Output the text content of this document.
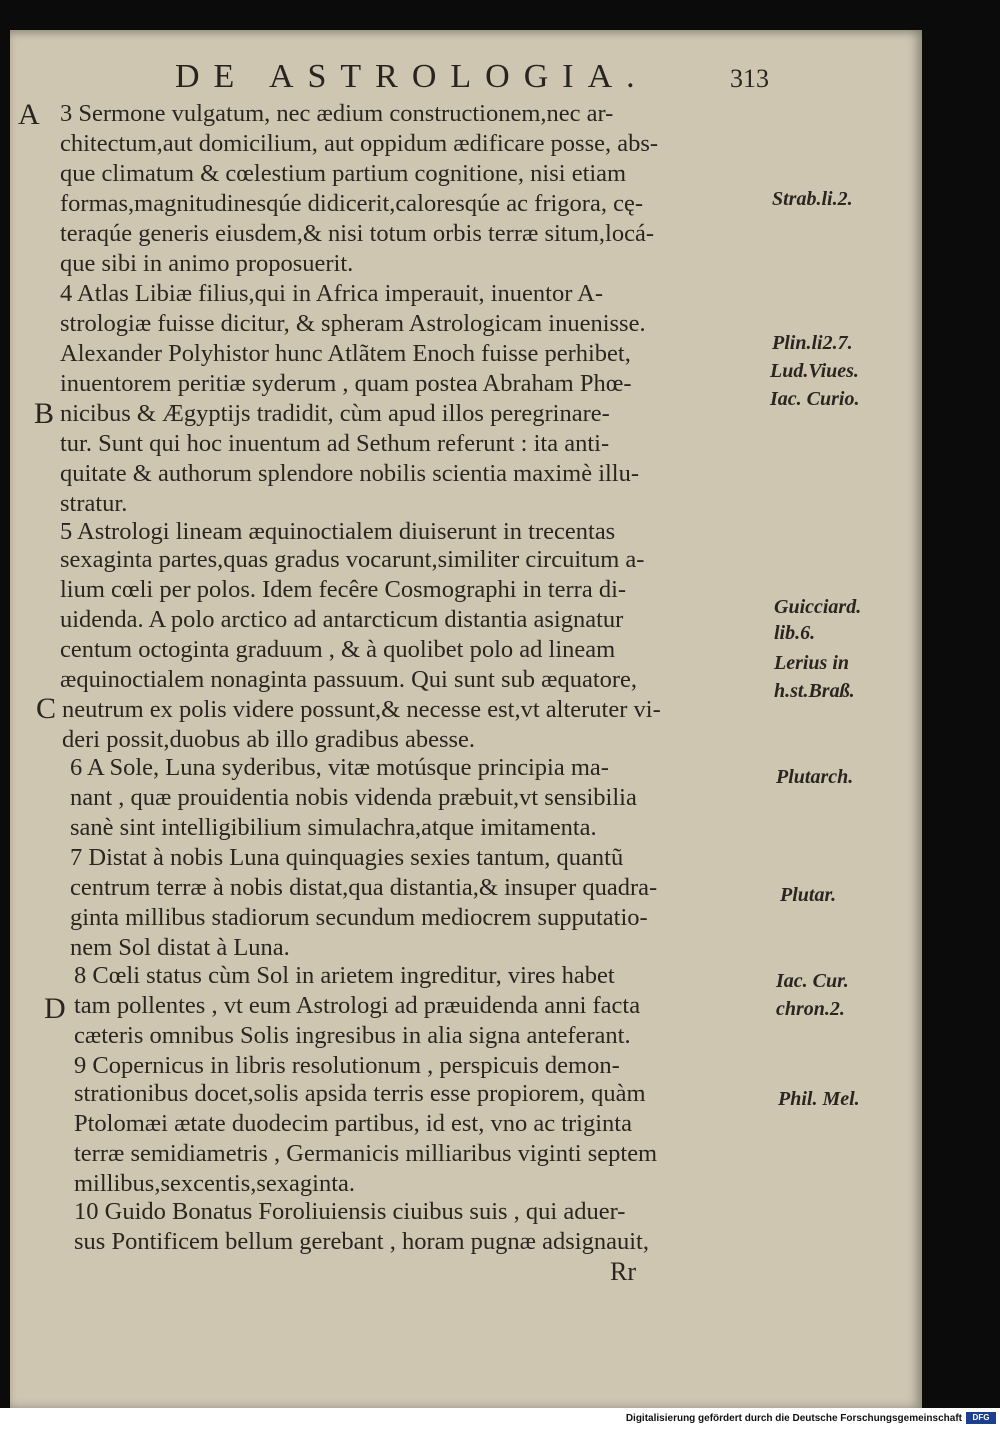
DE ASTROLOGIA.	313
A
B
C
D
3 Sermone vulgatum, nec ædium constructionem,nec ar-
chitectum,aut domicilium, aut oppidum ædificare posse, abs-
que climatum & cœlestium partium cognitione, nisi etiam
formas,magnitudinesqúe didicerit,caloresqúe ac frigora, cę-
teraqúe generis eiusdem,& nisi totum orbis terræ situm,locá-
que sibi in animo proposuerit.
4 Atlas Libiæ filius,qui in Africa imperauit, inuentor A-
strologiæ fuisse dicitur, & spheram Astrologicam inuenisse.
Alexander Polyhistor hunc Atlãtem Enoch fuisse perhibet,
inuentorem peritiæ syderum , quam postea Abraham Phœ-
nicibus & Ægyptijs tradidit, cùm apud illos peregrinare-
tur. Sunt qui hoc inuentum ad Sethum referunt : ita anti-
quitate & authorum splendore nobilis scientia maximè illu-
stratur.
5 Astrologi lineam æquinoctialem diuiserunt in trecentas
sexaginta partes,quas gradus vocarunt,similiter circuitum a-
lium cœli per polos. Idem fecêre Cosmographi in terra di-
uidenda. A polo arctico ad antarcticum distantia asignatur
centum octoginta graduum , & à quolibet polo ad lineam
æquinoctialem nonaginta passuum. Qui sunt sub æquatore,
neutrum ex polis videre possunt,& necesse est,vt alteruter vi-
deri possit,duobus ab illo gradibus abesse.
6 A Sole, Luna syderibus, vitæ motúsque principia ma-
nant , quæ prouidentia nobis videnda præbuit,vt sensibilia
sanè sint intelligibilium simulachra,atque imitamenta.
7 Distat à nobis Luna quinquagies sexies tantum, quantũ
centrum terræ à nobis distat,qua distantia,& insuper quadra-
ginta millibus stadiorum secundum mediocrem supputatio-
nem Sol distat à Luna.
8 Cœli status cùm Sol in arietem ingreditur, vires habet
tam pollentes , vt eum Astrologi ad præuidenda anni facta
cæteris omnibus Solis ingresibus in alia signa anteferant.
9 Copernicus in libris resolutionum , perspicuis demon-
strationibus docet,solis apsida terris esse propiorem, quàm
Ptolomæi ætate duodecim partibus, id est, vno ac triginta
terræ semidiametris , Germanicis milliaribus viginti septem
millibus,sexcentis,sexaginta.
10 Guido Bonatus Foroliuiensis ciuibus suis , qui aduer-
sus Pontificem bellum gerebant , horam pugnæ adsignauit,
Strab.li.2.
Plin.li2.7.
Lud.Viues.
Iac. Curio.
Guicciard.
lib.6.
Lerius in
h.st.Braß.
Plutarch.
Plutar.
Iac. Cur.
chron.2.
Phil. Mel.
Rr
Digitalisierung gefördert durch die Deutsche Forschungsgemeinschaft	DFG
